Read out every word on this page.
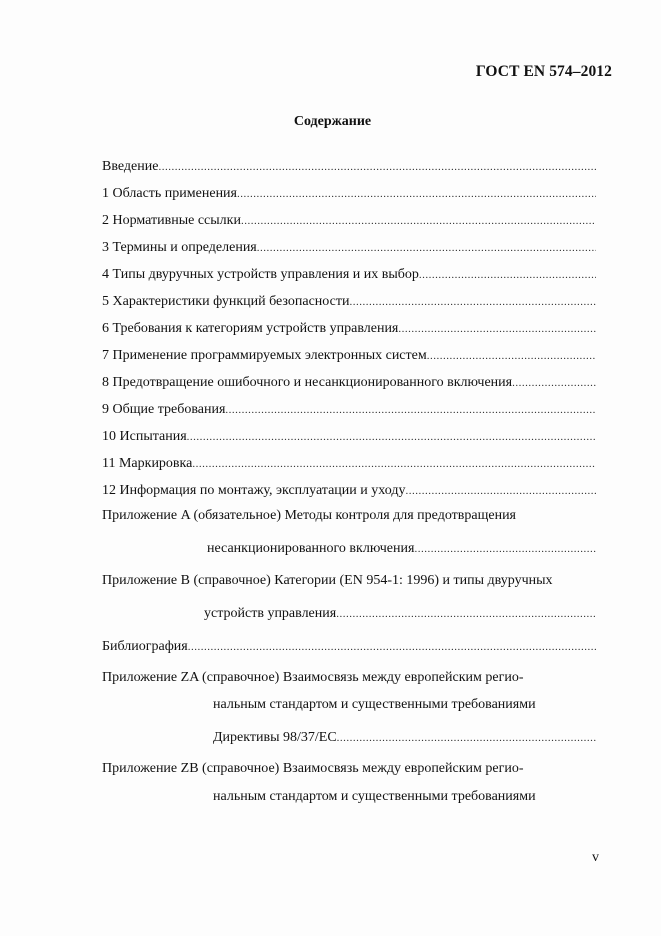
ГОСТ EN 574–2012
Содержание
Введение
.....
1 Область применения
.....
2 Нормативные ссылки
.....
3 Термины и определения
.....
4 Типы двуручных устройств управления и их выбор
.....
5 Характеристики функций безопасности
.....
6 Требования к категориям устройств управления
.....
7 Применение программируемых электронных систем
.....
8 Предотвращение ошибочного и несанкционированного включения
.....
9 Общие требования
.....
10 Испытания
.....
11 Маркировка
.....
12 Информация по монтажу, эксплуатации и уходу
.....
Приложение A (обязательное) Методы контроля для предотвращения
несанкционированного включения
.....
Приложение B (справочное) Категории (EN 954-1: 1996) и типы двуручных
устройств управления
.....
Библиография
.....
Приложение ZA (справочное) Взаимосвязь между европейским регио-
нальным стандартом и существенными требованиями
Директивы 98/37/EC
.....
Приложение ZB (справочное) Взаимосвязь между европейским регио-
нальным стандартом и существенными требованиями
v
